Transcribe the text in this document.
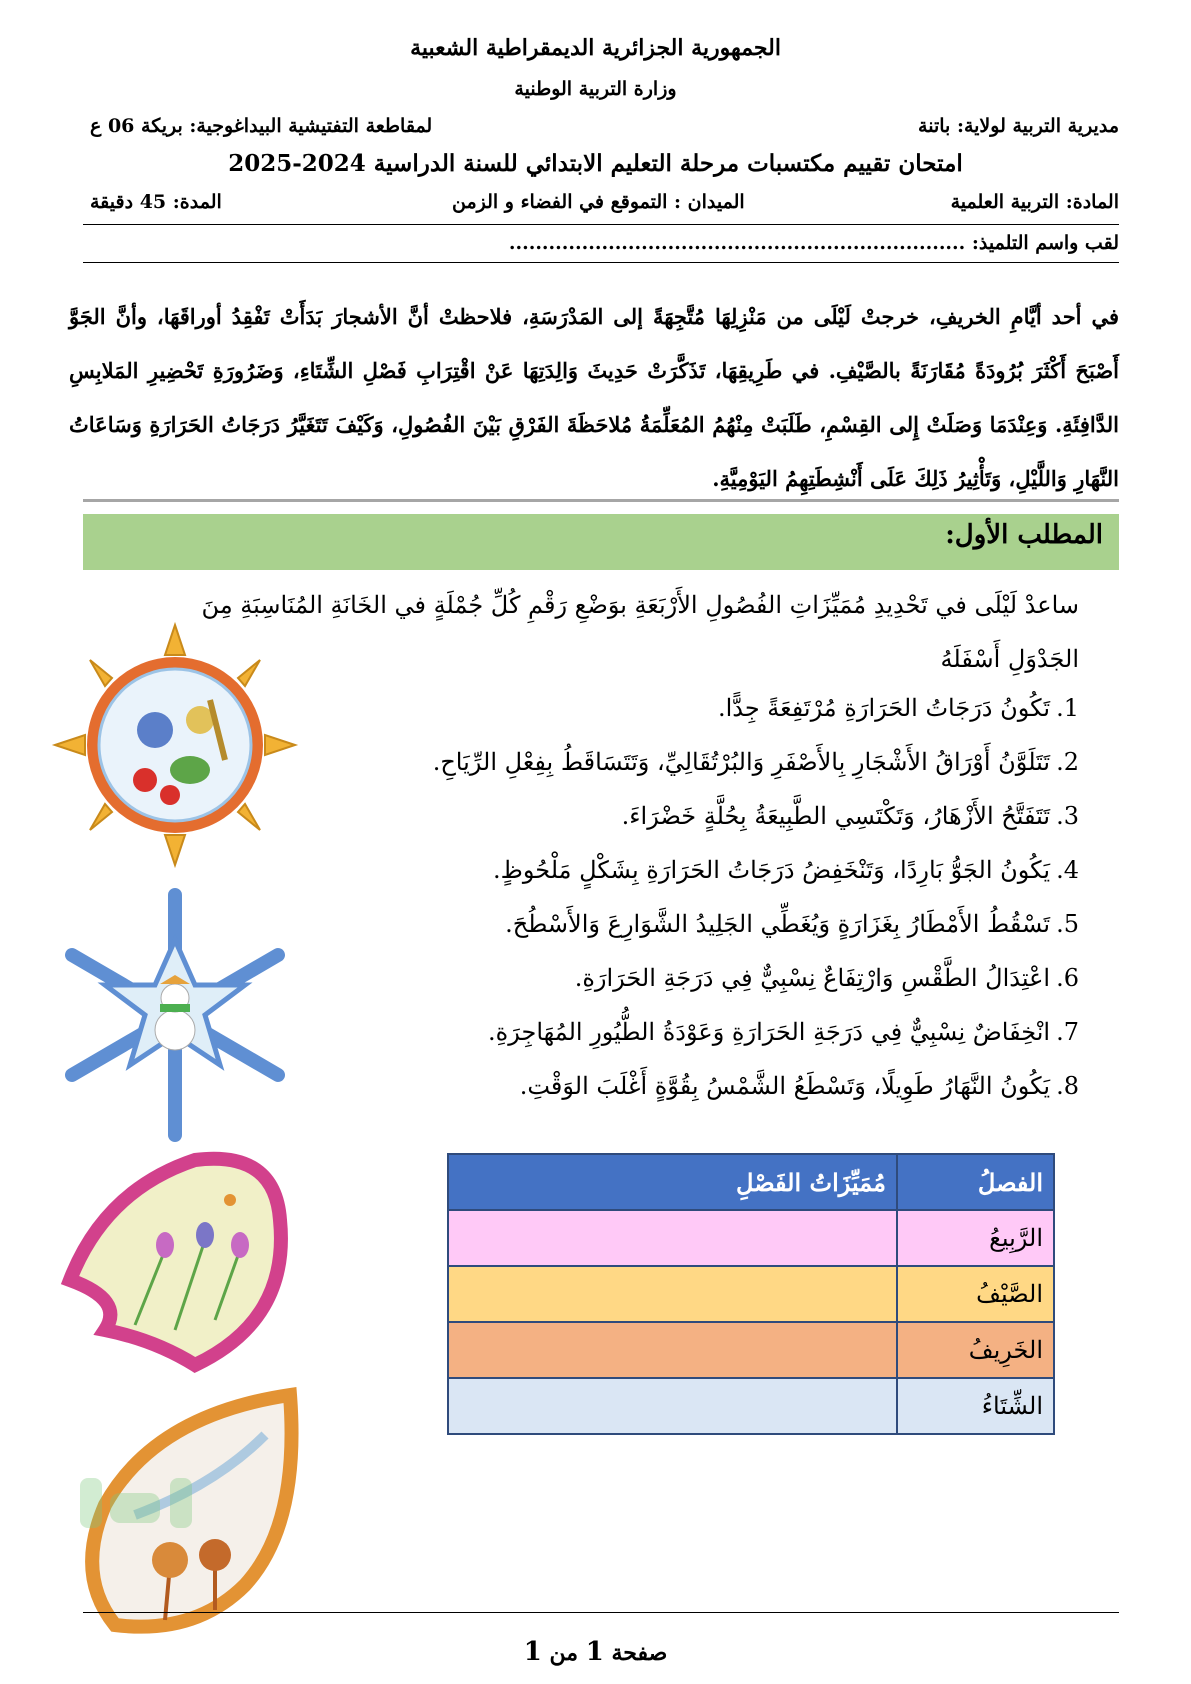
الجمهورية الجزائرية الديمقراطية الشعبية
وزارة التربية الوطنية
مديرية التربية لولاية: باتنة
لمقاطعة التفتيشية البيداغوجية: بريكة 06 ع
امتحان تقييم مكتسبات مرحلة التعليم الابتدائي للسنة الدراسية 2024-2025
المادة: التربية العلمية
الميدان : التموقع في الفضاء و الزمن
المدة: 45 دقيقة
لقب واسم التلميذ: .....................................................................
في أحد أيَّامِ الخريفِ، خرجتْ لَيْلَى من مَنْزِلِهَا مُتَّجِهَةً إلى المَدْرَسَةِ، فلاحظتْ أنَّ الأشجارَ بَدَأَتْ تَفْقِدُ أوراقَهَا، وأنَّ الجَوَّ أَصْبَحَ أَكْثَرَ بُرُودَةً مُقَارَنَةً بالصَّيْفِ. في طَرِيقِهَا، تَذَكَّرَتْ حَدِيثَ وَالِدَتِهَا عَنْ اقْتِرَابِ فَصْلِ الشِّتَاءِ، وَضَرُورَةِ تَحْضِيرِ المَلابِسِ الدَّافِئَةِ. وَعِنْدَمَا وَصَلَتْ إِلى القِسْمِ، طَلَبَتْ مِنْهُمُ المُعَلِّمَةُ مُلاحَظَةَ الفَرْقِ بَيْنَ الفُصُولِ، وَكَيْفَ تَتَغَيَّرُ دَرَجَاتُ الحَرَارَةِ وَسَاعَاتُ النَّهَارِ وَاللَّيْلِ، وَتَأْثِيرُ ذَلِكَ عَلَى أَنْشِطَتِهِمُ اليَوْمِيَّةِ.
المطلب الأول:
ساعدْ لَيْلَى في تَحْدِيدِ مُمَيِّزَاتِ الفُصُولِ الأَرْبَعَةِ بوَضْعِ رَقْمِ كُلِّ جُمْلَةٍ في الخَانَةِ المُنَاسِبَةِ مِنَ الجَدْوَلِ أَسْفَلَهُ
1.تَكُونُ دَرَجَاتُ الحَرَارَةِ مُرْتَفِعَةً جِدًّا.
2.تَتَلَوَّنُ أَوْرَاقُ الأَشْجَارِ بِالأَصْفَرِ وَالبُرْتُقَالِيِّ، وَتَتَسَاقَطُ بِفِعْلِ الرِّيَاحِ.
3.تَتَفَتَّحُ الأَزْهَارُ، وَتَكْتَسِي الطَّبِيعَةُ بِحُلَّةٍ خَضْرَاءَ.
4.يَكُونُ الجَوُّ بَارِدًا، وَتَنْخَفِضُ دَرَجَاتُ الحَرَارَةِ بِشَكْلٍ مَلْحُوظٍ.
5.تَسْقُطُ الأَمْطَارُ بِغَزَارَةٍ وَيُغَطِّي الجَلِيدُ الشَّوَارِعَ وَالأَسْطُحَ.
6.اعْتِدَالُ الطَّقْسِ وَارْتِفَاعٌ نِسْبِيٌّ فِي دَرَجَةِ الحَرَارَةِ.
7.انْخِفَاضٌ نِسْبِيٌّ فِي دَرَجَةِ الحَرَارَةِ وَعَوْدَةُ الطُّيُورِ المُهَاجِرَةِ.
8.يَكُونُ النَّهَارُ طَوِيلًا، وَتَسْطَعُ الشَّمْسُ بِقُوَّةٍ أَغْلَبَ الوَقْتِ.
الفصلُ	مُمَيِّزَاتُ الفَصْلِ
الرَّبِيعُ	
الصَّيْفُ	
الخَرِيفُ	
الشِّتَاءُ	
صفحة 1 من 1
